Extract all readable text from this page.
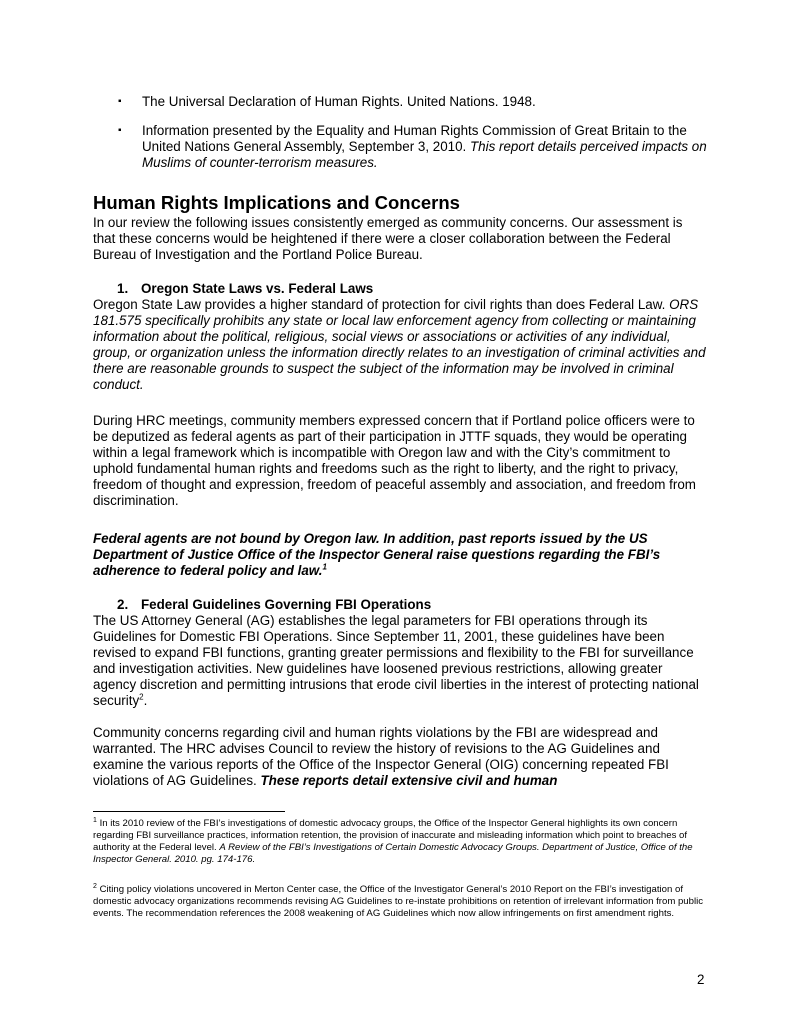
▪ The Universal Declaration of Human Rights. United Nations. 1948.
▪ Information presented by the Equality and Human Rights Commission of Great Britain to the United Nations General Assembly, September 3, 2010. This report details perceived impacts on Muslims of counter-terrorism measures.
Human Rights Implications and Concerns

In our review the following issues consistently emerged as community concerns. Our assessment is that these concerns would be heightened if there were a closer collaboration between the Federal Bureau of Investigation and the Portland Police Bureau.

1. Oregon State Laws vs. Federal Laws

Oregon State Law provides a higher standard of protection for civil rights than does Federal Law. ORS 181.575 specifically prohibits any state or local law enforcement agency from collecting or maintaining information about the political, religious, social views or associations or activities of any individual, group, or organization unless the information directly relates to an investigation of criminal activities and there are reasonable grounds to suspect the subject of the information may be involved in criminal conduct.

During HRC meetings, community members expressed concern that if Portland police officers were to be deputized as federal agents as part of their participation in JTTF squads, they would be operating within a legal framework which is incompatible with Oregon law and with the City’s commitment to uphold fundamental human rights and freedoms such as the right to liberty, and the right to privacy, freedom of thought and expression, freedom of peaceful assembly and association, and freedom from discrimination.

Federal agents are not bound by Oregon law. In addition, past reports issued by the US Department of Justice Office of the Inspector General raise questions regarding the FBI’s adherence to federal policy and law.$^1$

2. Federal Guidelines Governing FBI Operations

The US Attorney General (AG) establishes the legal parameters for FBI operations through its Guidelines for Domestic FBI Operations. Since September 11, 2001, these guidelines have been revised to expand FBI functions, granting greater permissions and flexibility to the FBI for surveillance and investigation activities. New guidelines have loosened previous restrictions, allowing greater agency discretion and permitting intrusions that erode civil liberties in the interest of protecting national security$^2$.

Community concerns regarding civil and human rights violations by the FBI are widespread and warranted. The HRC advises Council to review the history of revisions to the AG Guidelines and examine the various reports of the Office of the Inspector General (OIG) concerning repeated FBI violations of AG Guidelines. These reports detail extensive civil and human

$^1$ In its 2010 review of the FBI’s investigations of domestic advocacy groups, the Office of the Inspector General highlights its own concern regarding FBI surveillance practices, information retention, the provision of inaccurate and misleading information which point to breaches of authority at the Federal level. A Review of the FBI’s Investigations of Certain Domestic Advocacy Groups. Department of Justice, Office of the Inspector General. 2010. pg. 174-176.

$^2$ Citing policy violations uncovered in Merton Center case, the Office of the Investigator General’s 2010 Report on the FBI’s investigation of domestic advocacy organizations recommends revising AG Guidelines to re-instate prohibitions on retention of irrelevant information from public events. The recommendation references the 2008 weakening of AG Guidelines which now allow infringements on first amendment rights.

2
